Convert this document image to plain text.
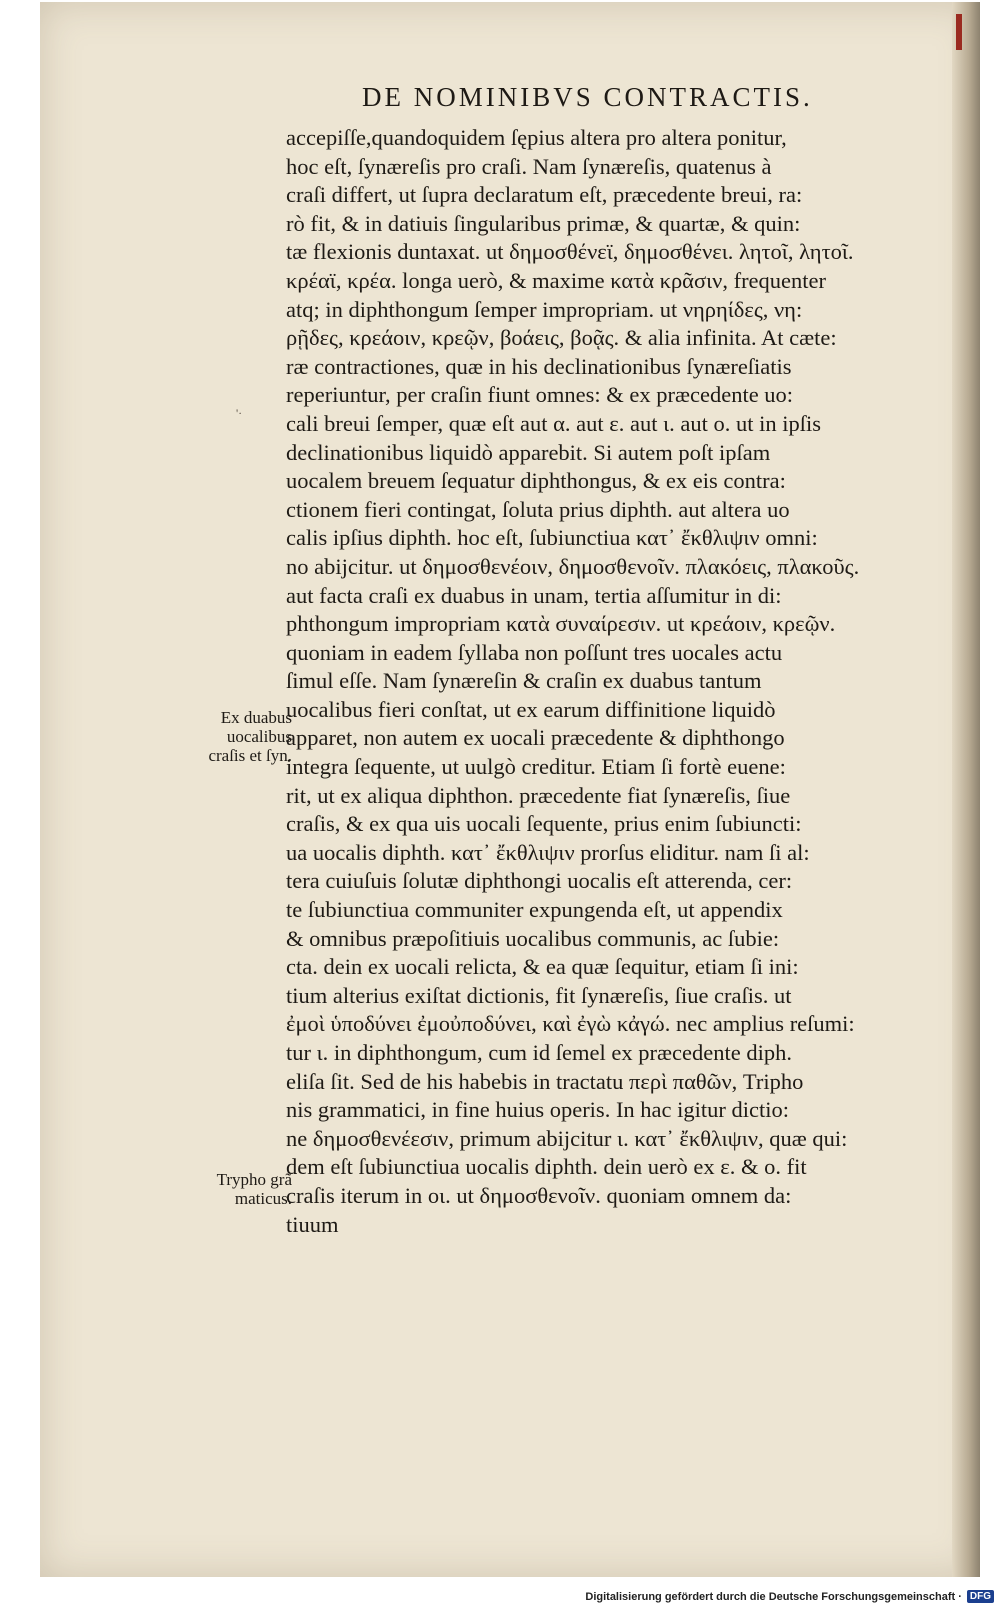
DE NOMINIBVS CONTRACTIS.
accepiſſe,quandoquidem ſępius altera pro altera ponitur,
hoc eſt, ſynæreſis pro craſi. Nam ſynæreſis, quatenus à
craſi differt, ut ſupra declaratum eſt, præcedente breui, ra:
rò fit, & in datiuis ſingularibus primæ, & quartæ, & quin:
tæ flexionis duntaxat. ut δημοσθένεϊ, δημοσθένει. λητοῖ, λητοῖ.
κρέαϊ, κρέα. longa uerò, & maxime κατὰ κρᾶσιν, frequenter
atq; in diphthongum ſemper impropriam. ut νηρηίδες, νη:
ρῇδες, κρεάοιν, κρεῷν, βοάεις, βοᾷς. & alia infinita. At cæte:
ræ contractiones, quæ in his declinationibus ſynæreſiatis
reperiuntur, per craſin fiunt omnes: & ex præcedente uo:
cali breui ſemper, quæ eſt aut α. aut ε. aut ι. aut ο. ut in ipſis
declinationibus liquidò apparebit. Si autem poſt ipſam
uocalem breuem ſequatur diphthongus, & ex eis contra:
ctionem fieri contingat, ſoluta prius diphth. aut altera uo
calis ipſius diphth. hoc eſt, ſubiunctiua κατ᾽ ἔκθλιψιν omni:
no abijcitur. ut δημοσθενέοιν, δημοσθενοῖν. πλακόεις, πλακοῦς.
aut facta craſi ex duabus in unam, tertia aſſumitur in di:
phthongum impropriam κατὰ συναίρεσιν. ut κρεάοιν, κρεῷν.
quoniam in eadem ſyllaba non poſſunt tres uocales actu
ſimul eſſe. Nam ſynæreſin & craſin ex duabus tantum
uocalibus fieri conſtat, ut ex earum diffinitione liquidò
apparet, non autem ex uocali præcedente & diphthongo
integra ſequente, ut uulgò creditur. Etiam ſi fortè euene:
rit, ut ex aliqua diphthon. præcedente fiat ſynæreſis, ſiue
craſis, & ex qua uis uocali ſequente, prius enim ſubiuncti:
ua uocalis diphth. κατ᾽ ἔκθλιψιν prorſus eliditur. nam ſi al:
tera cuiuſuis ſolutæ diphthongi uocalis eſt atterenda, cer:
te ſubiunctiua communiter expungenda eſt, ut appendix
& omnibus præpoſitiuis uocalibus communis, ac ſubie:
cta. dein ex uocali relicta, & ea quæ ſequitur, etiam ſi ini:
tium alterius exiſtat dictionis, fit ſynæreſis, ſiue craſis. ut
ἐμοὶ ὑποδύνει ἐμοὐποδύνει, καὶ ἐγὼ κἀγώ. nec amplius reſumi:
tur ι. in diphthongum, cum id ſemel ex præcedente diph.
eliſa ſit. Sed de his habebis in tractatu περὶ παθῶν, Tripho
nis grammatici, in fine huius operis. In hac igitur dictio:
ne δημοσθενέεσιν, primum abijcitur ι. κατ᾽ ἔκθλιψιν, quæ qui:
dem eſt ſubiunctiua uocalis diphth. dein uerò ex ε. & ο. fit
craſis iterum in οι. ut δημοσθενοῖν. quoniam omnem da:
tiuum
Ex duabus
uocalibus
craſis et ſyn.
Trypho grã
maticus.
'·
Digitalisierung gefördert durch die Deutsche Forschungsgemeinschaft · DFG
